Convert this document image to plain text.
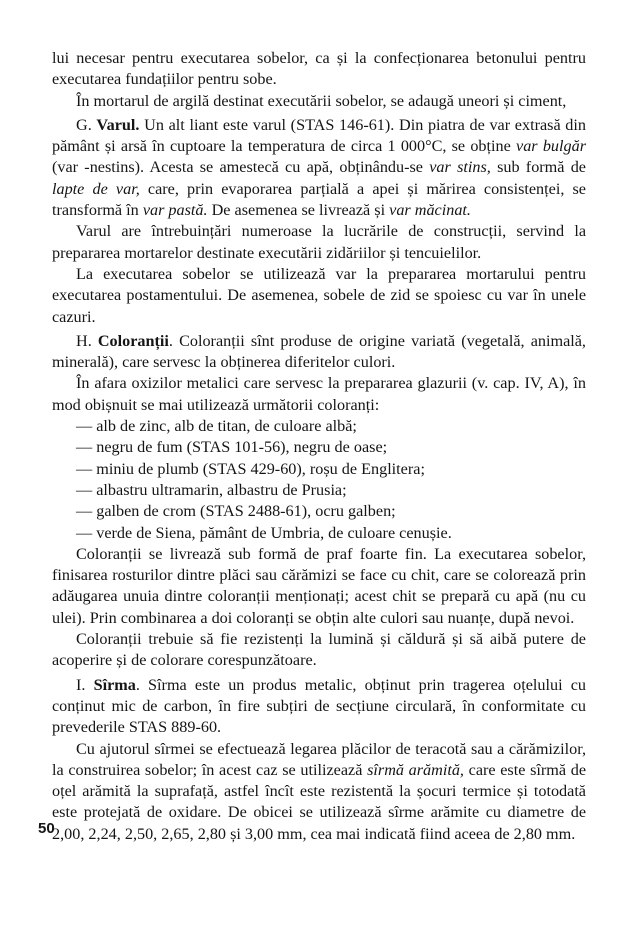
lui necesar pentru executarea sobelor, ca și la confecționarea betonului pentru executarea fundațiilor pentru sobe.

În mortarul de argilă destinat executării sobelor, se adaugă uneori și ciment,

G. Varul. Un alt liant este varul (STAS 146-61). Din piatra de var extrasă din pământ și arsă în cuptoare la temperatura de circa 1 000°C, se obține var bulgăr (var -nestins). Acesta se amestecă cu apă, obținându-se var stins, sub formă de lapte de var, care, prin evaporarea parțială a apei și mărirea consistenței, se transformă în var pastă. De asemenea se livrează și var măcinat.

Varul are întrebuințări numeroase la lucrările de construcții, servind la prepararea mortarelor destinate executării zidăriilor și tencuielilor.

La executarea sobelor se utilizează var la prepararea mortarului pentru executarea postamentului. De asemenea, sobele de zid se spoiesc cu var în unele cazuri.

H. Coloranții. Coloranții sînt produse de origine variată (vegetală, animală, minerală), care servesc la obținerea diferitelor culori.

În afara oxizilor metalici care servesc la prepararea glazurii (v. cap. IV, A), în mod obișnuit se mai utilizează următorii coloranți:

— alb de zinc, alb de titan, de culoare albă;

— negru de fum (STAS 101-56), negru de oase;

— miniu de plumb (STAS 429-60), roșu de Englitera;

— albastru ultramarin, albastru de Prusia;

— galben de crom (STAS 2488-61), ocru galben;

— verde de Siena, pământ de Umbria, de culoare cenușie.

Coloranții se livrează sub formă de praf foarte fin. La executarea sobelor, finisarea rosturilor dintre plăci sau cărămizi se face cu chit, care se colorează prin adăugarea unuia dintre coloranții menționați; acest chit se prepară cu apă (nu cu ulei). Prin combinarea a doi coloranți se obțin alte culori sau nuanțe, după nevoi.

Coloranții trebuie să fie rezistenți la lumină și căldură și să aibă putere de acoperire și de colorare corespunzătoare.

I. Sîrma. Sîrma este un produs metalic, obținut prin tragerea oțelului cu conținut mic de carbon, în fire subțiri de secțiune circulară, în conformitate cu prevederile STAS 889-60.

Cu ajutorul sîrmei se efectuează legarea plăcilor de teracotă sau a cărămizilor, la construirea sobelor; în acest caz se utilizează sîrmă arămită, care este sîrmă de oțel arămită la suprafață, astfel încît este rezistentă la șocuri termice și totodată este protejată de oxidare. De obicei se utilizează sîrme arămite cu diametre de 2,00, 2,24, 2,50, 2,65, 2,80 și 3,00 mm, cea mai indicată fiind aceea de 2,80 mm.

50
